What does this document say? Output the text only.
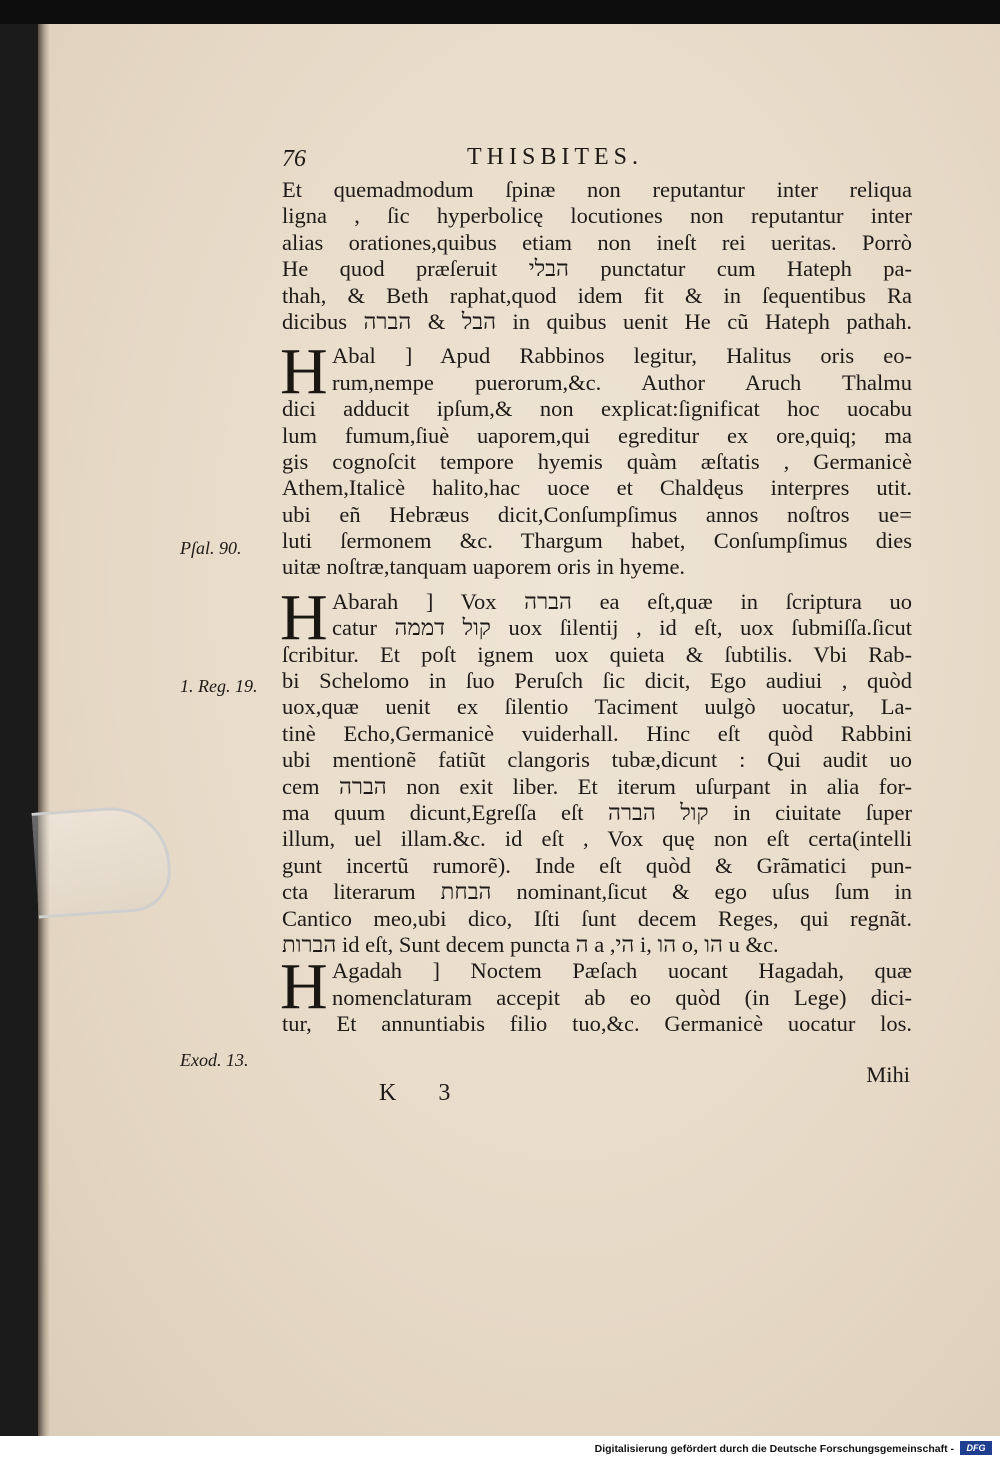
76	THISBITES.
Et quemadmodum ſpinæ non reputantur inter reliqua
ligna , ſic hyperbolicę locutiones non reputantur inter
alias orationes,quibus etiam non ineſt rei ueritas. Porrò
He quod præſeruit הבלי punctatur cum Hateph pa-
thah, & Beth raphat,quod idem fit & in ſequentibus Ra
dicibus הבל & הברה in quibus uenit He cũ Hateph pathah.
H Abal ] Apud Rabbinos legitur, Halitus oris eo-
rum,nempe puerorum,&c. Author Aruch Thalmu
dici adducit ipſum,& non explicat:ſignificat hoc uocabu
lum fumum,ſiuè uaporem,qui egreditur ex ore,quiq; ma
gis cognoſcit tempore hyemis quàm æſtatis , Germanicè
Athem,Italicè halito,hac uoce et Chaldęus interpres utit.
ubi eñ Hebræus dicit,Conſumpſimus annos noſtros ue=
luti ſermonem &c. Thargum habet, Conſumpſimus dies
uitæ noſtræ,tanquam uaporem oris in hyeme.
H Abarah ] Vox הברה ea eſt,quæ in ſcriptura uo
catur קול דממה uox ſilentij , id eſt, uox ſubmiſſa.ſicut
ſcribitur. Et poſt ignem uox quieta & ſubtilis. Vbi Rab-
bi Schelomo in ſuo Peruſch ſic dicit, Ego audiui , quòd
uox,quæ uenit ex ſilentio Taciment uulgò uocatur, La-
tinè Echo,Germanicè vuiderhall. Hinc eſt quòd Rabbini
ubi mentionẽ fatiũt clangoris tubæ,dicunt : Qui audit uo
cem הברה non exit liber. Et iterum uſurpant in alia for-
ma quum dicunt,Egreſſa eſt קול הברה in ciuitate ſuper
illum, uel illam.&c. id eſt , Vox quę non eſt certa(intelli
gunt incertũ rumorẽ). Inde eſt quòd & Grãmatici pun-
cta literarum הבחת nominant,ſicut & ego uſus ſum in
Cantico meo,ubi dico, Iſti ſunt decem Reges, qui regnãt.
הברות id eſt, Sunt decem puncta ה a ,הי i, הו o, הו u &c.
H Agadah ] Noctem Pæſach uocant Hagadah, quæ
nomenclaturam accepit ab eo quòd (in Lege) dici-
tur, Et annuntiabis filio tuo,&c. Germanicè uocatur los.
Mihi
K 3
Pſal. 90.
1. Reg. 19.
Exod. 13.
Digitalisierung gefördert durch die Deutsche Forschungsgemeinschaft -	DFG
